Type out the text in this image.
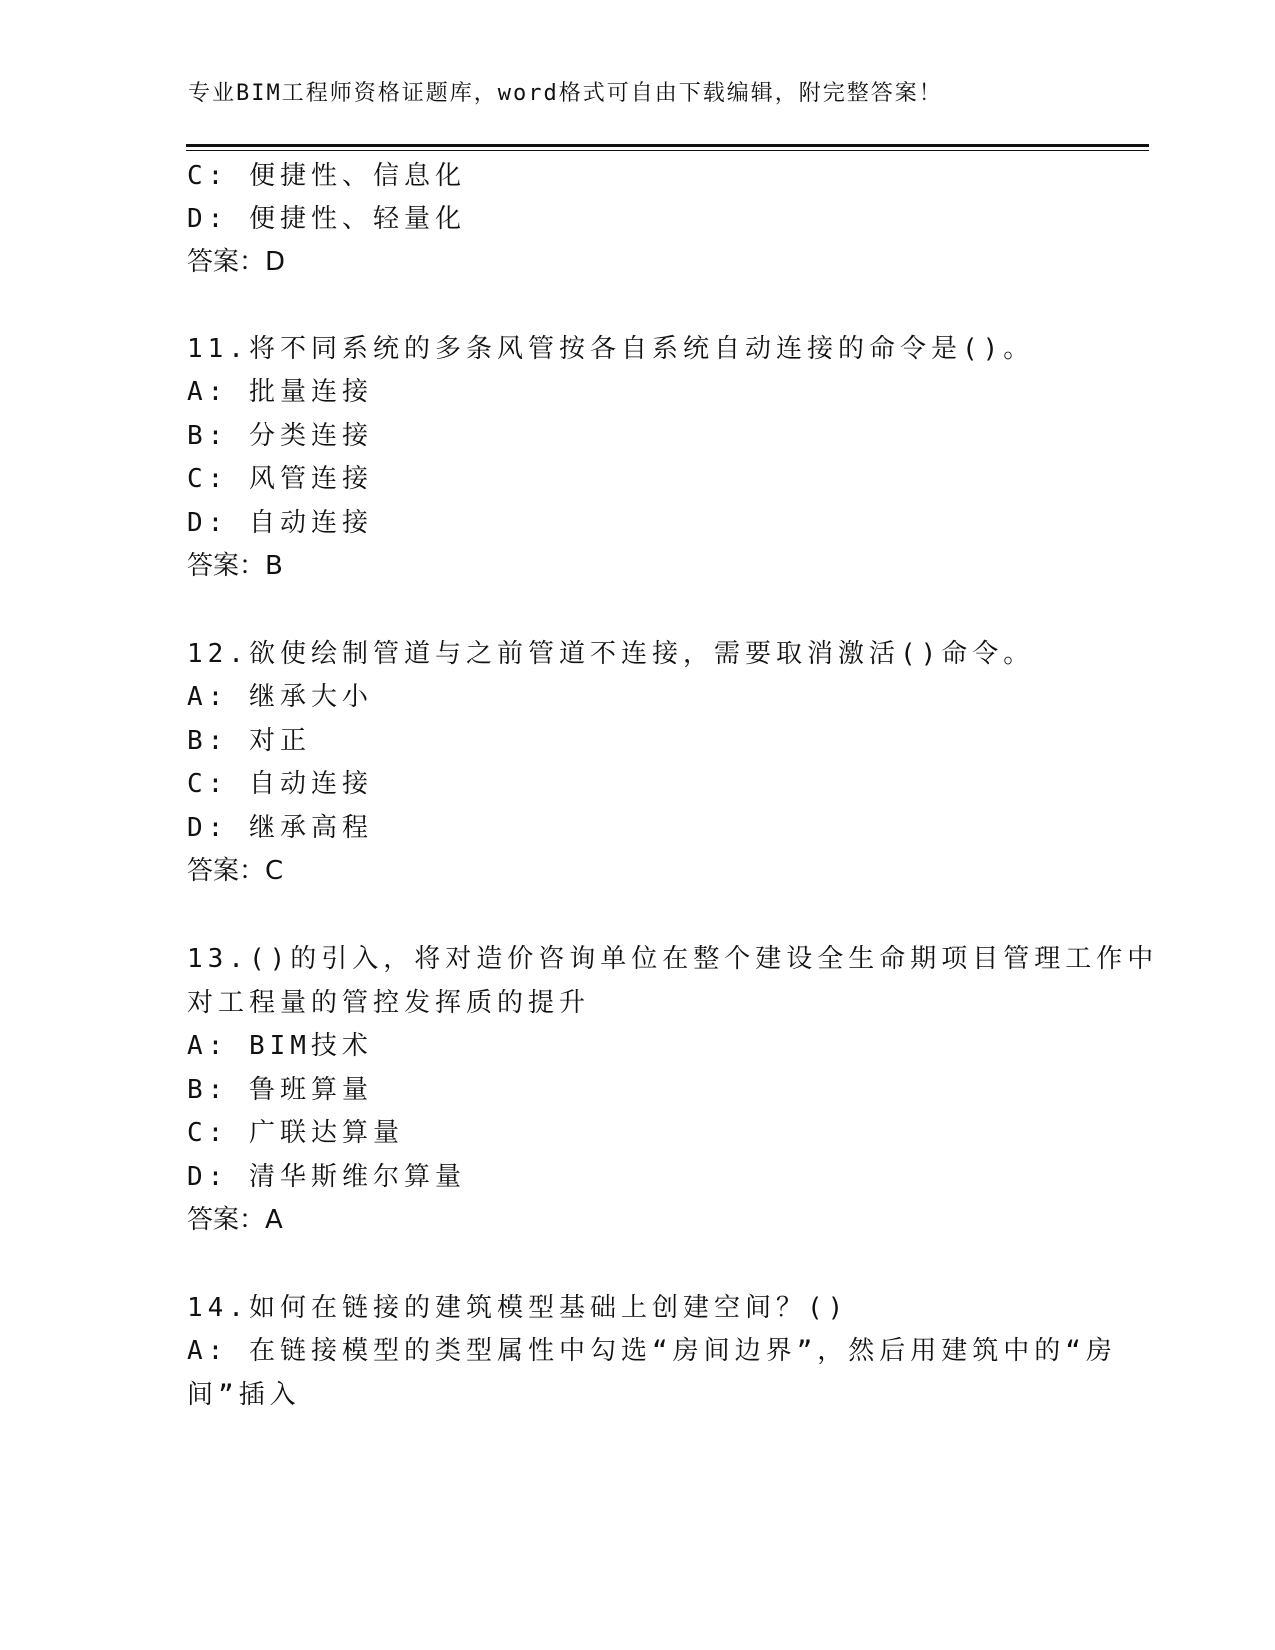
专业BIM工程师资格证题库，word格式可自由下载编辑，附完整答案！
C: 便捷性、信息化
D: 便捷性、轻量化
答案：D
11.将不同系统的多条风管按各自系统自动连接的命令是()。
A: 批量连接
B: 分类连接
C: 风管连接
D: 自动连接
答案：B
12.欲使绘制管道与之前管道不连接，需要取消激活()命令。
A: 继承大小
B: 对正
C: 自动连接
D: 继承高程
答案：C
13.()的引入，将对造价咨询单位在整个建设全生命期项目管理工作中
对工程量的管控发挥质的提升
A: BIM技术
B: 鲁班算量
C: 广联达算量
D: 清华斯维尔算量
答案：A
14.如何在链接的建筑模型基础上创建空间？()
A: 在链接模型的类型属性中勾选“房间边界”，然后用建筑中的“房
间”插入
